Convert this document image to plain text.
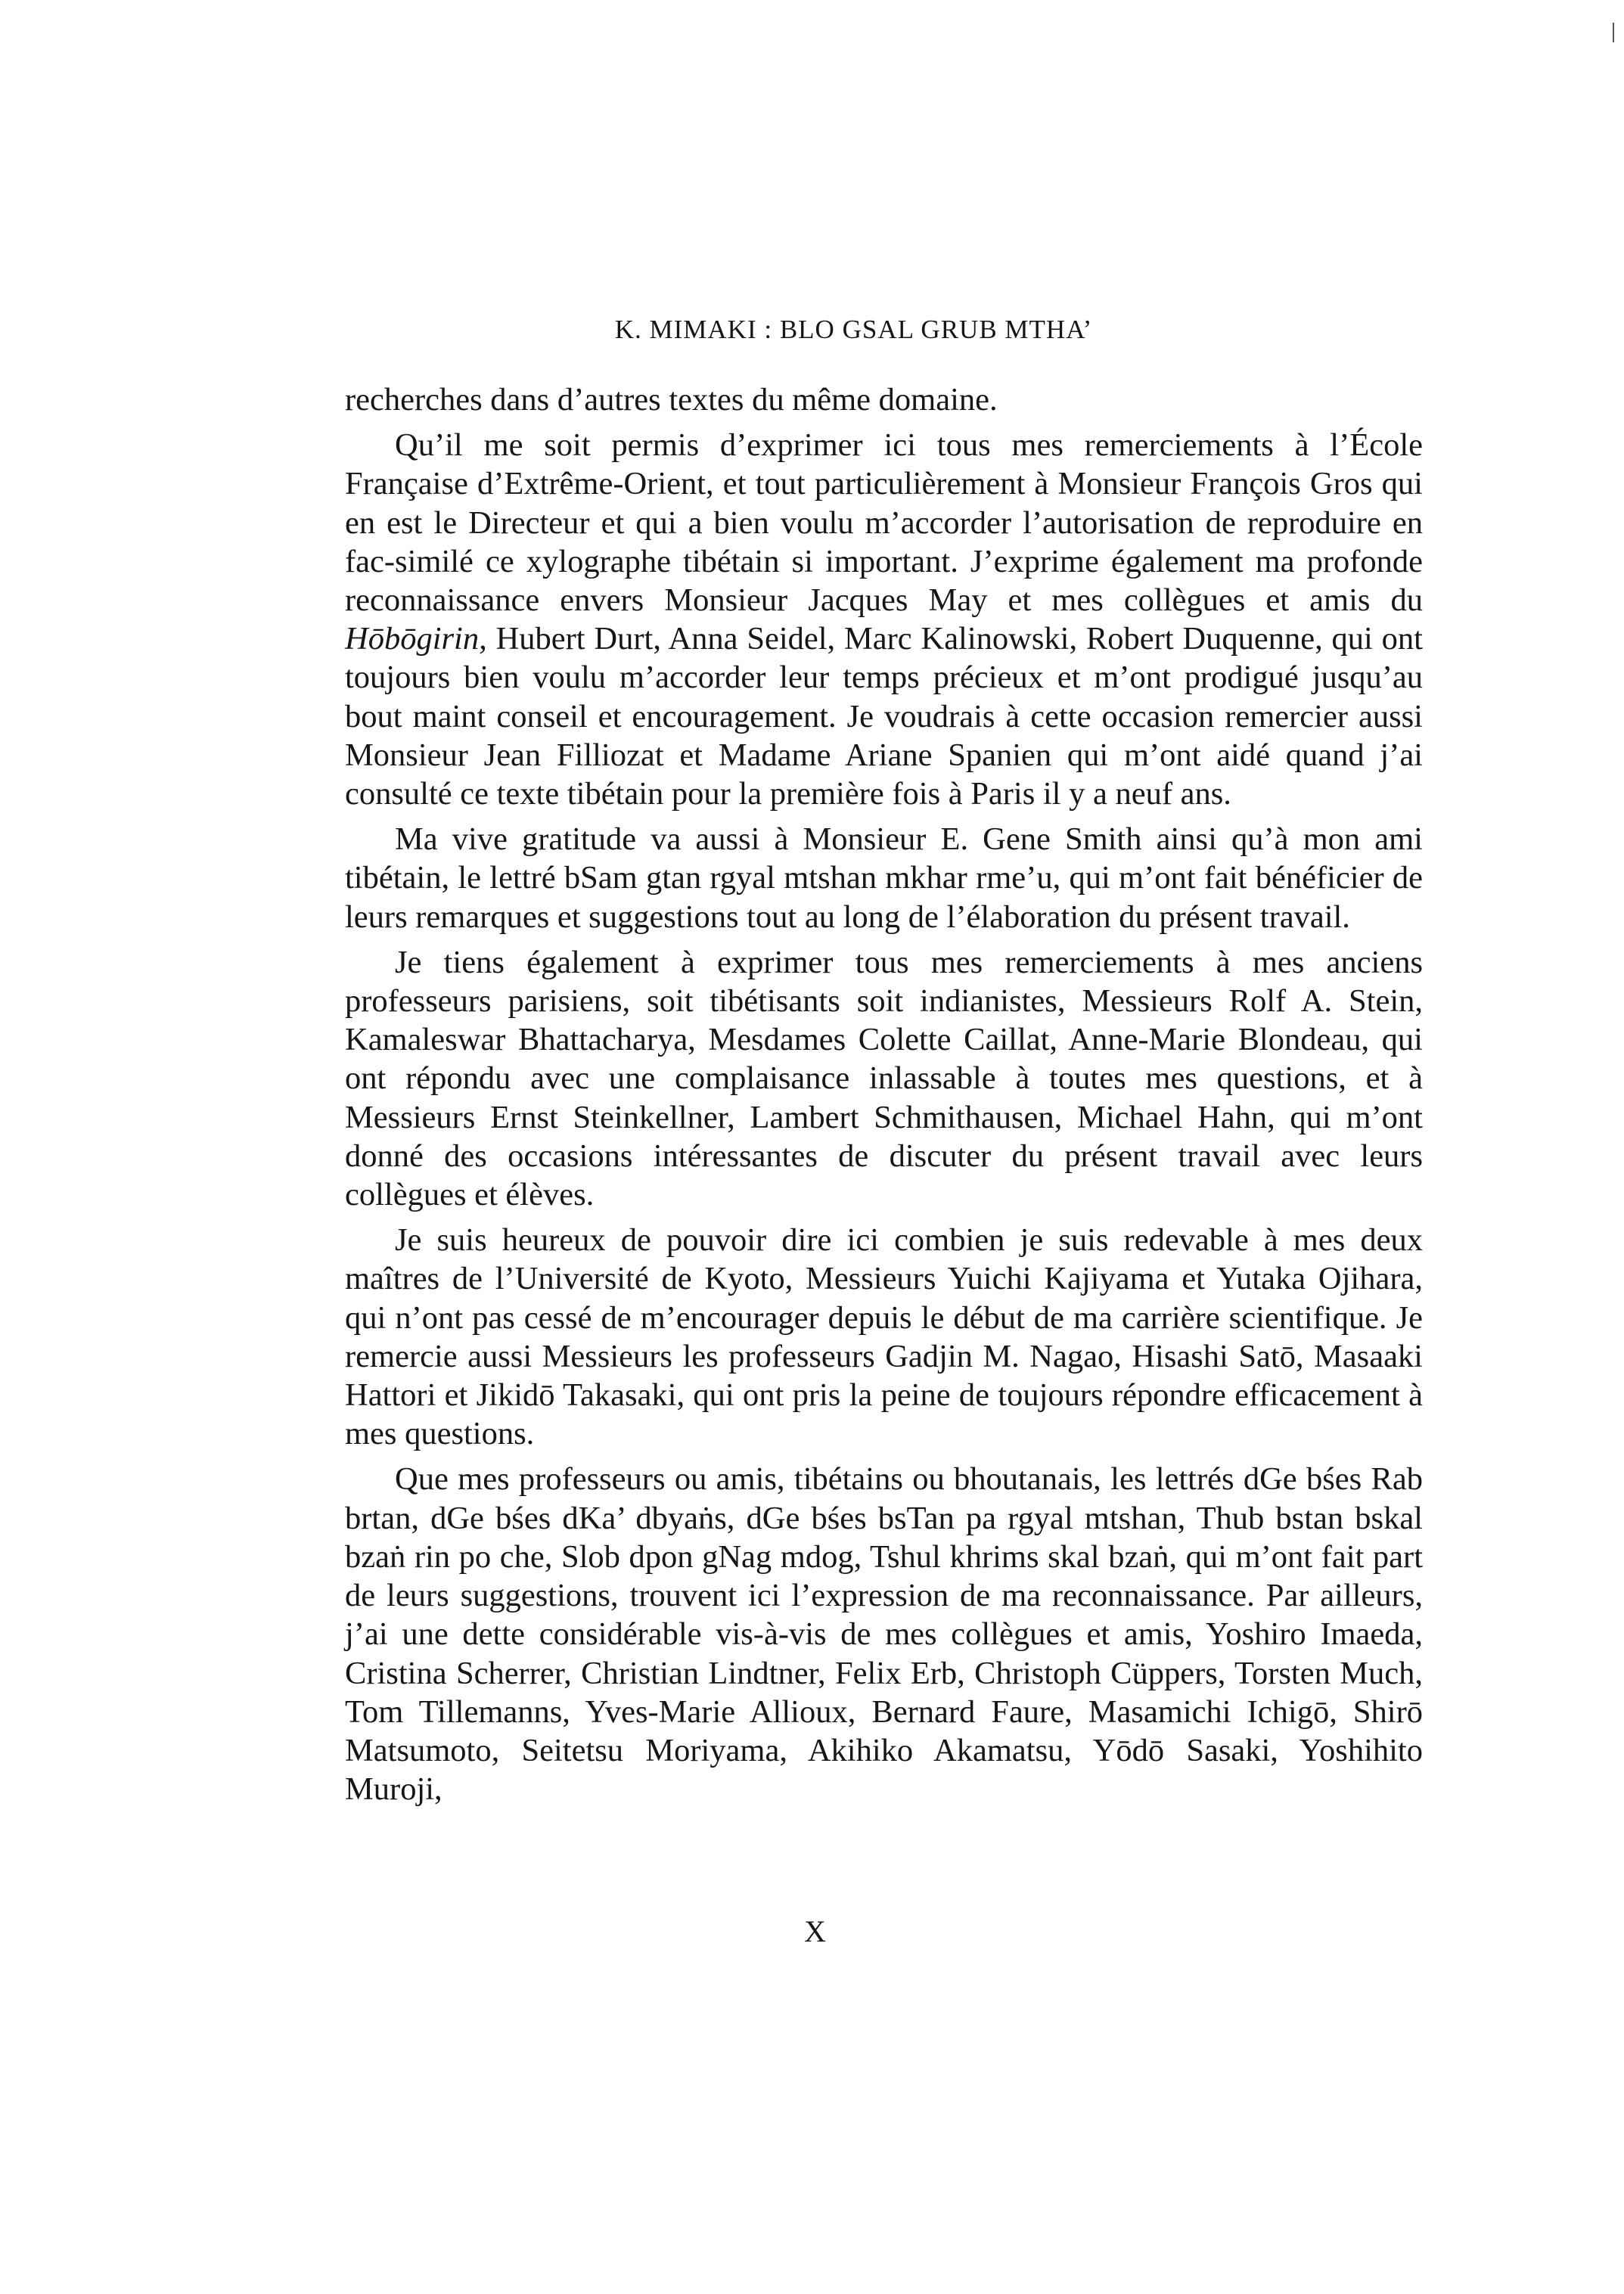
K. MIMAKI : BLO GSAL GRUB MTHA’

recherches dans d’autres textes du même domaine.

Qu’il me soit permis d’exprimer ici tous mes remerciements à l’École Française d’Extrême-Orient, et tout particulièrement à Monsieur François Gros qui en est le Directeur et qui a bien voulu m’accorder l’autorisation de reproduire en fac-similé ce xylographe tibétain si important. J’exprime également ma profonde reconnaissance envers Monsieur Jacques May et mes collègues et amis du Hōbōgirin, Hubert Durt, Anna Seidel, Marc Kalinowski, Robert Duquenne, qui ont toujours bien voulu m’accorder leur temps précieux et m’ont prodigué jusqu’au bout maint conseil et encouragement. Je voudrais à cette occasion remercier aussi Monsieur Jean Filliozat et Madame Ariane Spanien qui m’ont aidé quand j’ai consulté ce texte tibétain pour la première fois à Paris il y a neuf ans.

Ma vive gratitude va aussi à Monsieur E. Gene Smith ainsi qu’à mon ami tibétain, le lettré bSam gtan rgyal mtshan mkhar rme’u, qui m’ont fait bénéficier de leurs remarques et suggestions tout au long de l’élaboration du présent travail.

Je tiens également à exprimer tous mes remerciements à mes anciens professeurs parisiens, soit tibétisants soit indianistes, Messieurs Rolf A. Stein, Kamaleswar Bhattacharya, Mesdames Colette Caillat, Anne-Marie Blondeau, qui ont répondu avec une complaisance inlassable à toutes mes questions, et à Messieurs Ernst Steinkellner, Lambert Schmithausen, Michael Hahn, qui m’ont donné des occasions intéressantes de discuter du présent travail avec leurs collègues et élèves.

Je suis heureux de pouvoir dire ici combien je suis redevable à mes deux maîtres de l’Université de Kyoto, Messieurs Yuichi Kajiyama et Yutaka Ojihara, qui n’ont pas cessé de m’encourager depuis le début de ma carrière scientifique. Je remercie aussi Messieurs les professeurs Gadjin M. Nagao, Hisashi Satō, Masaaki Hattori et Jikidō Takasaki, qui ont pris la peine de toujours répondre efficacement à mes questions.

Que mes professeurs ou amis, tibétains ou bhoutanais, les lettrés dGe bśes Rab brtan, dGe bśes dKa’ dbyaṅs, dGe bśes bsTan pa rgyal mtshan, Thub bstan bskal bzaṅ rin po che, Slob dpon gNag mdog, Tshul khrims skal bzaṅ, qui m’ont fait part de leurs suggestions, trouvent ici l’expression de ma reconnaissance. Par ailleurs, j’ai une dette considérable vis-à-vis de mes collègues et amis, Yoshiro Imaeda, Cristina Scherrer, Christian Lindtner, Felix Erb, Christoph Cüppers, Torsten Much, Tom Tillemanns, Yves-Marie Allioux, Bernard Faure, Masamichi Ichigō, Shirō Matsumoto, Seitetsu Moriyama, Akihiko Akamatsu, Yōdō Sasaki, Yoshihito Muroji,

X
